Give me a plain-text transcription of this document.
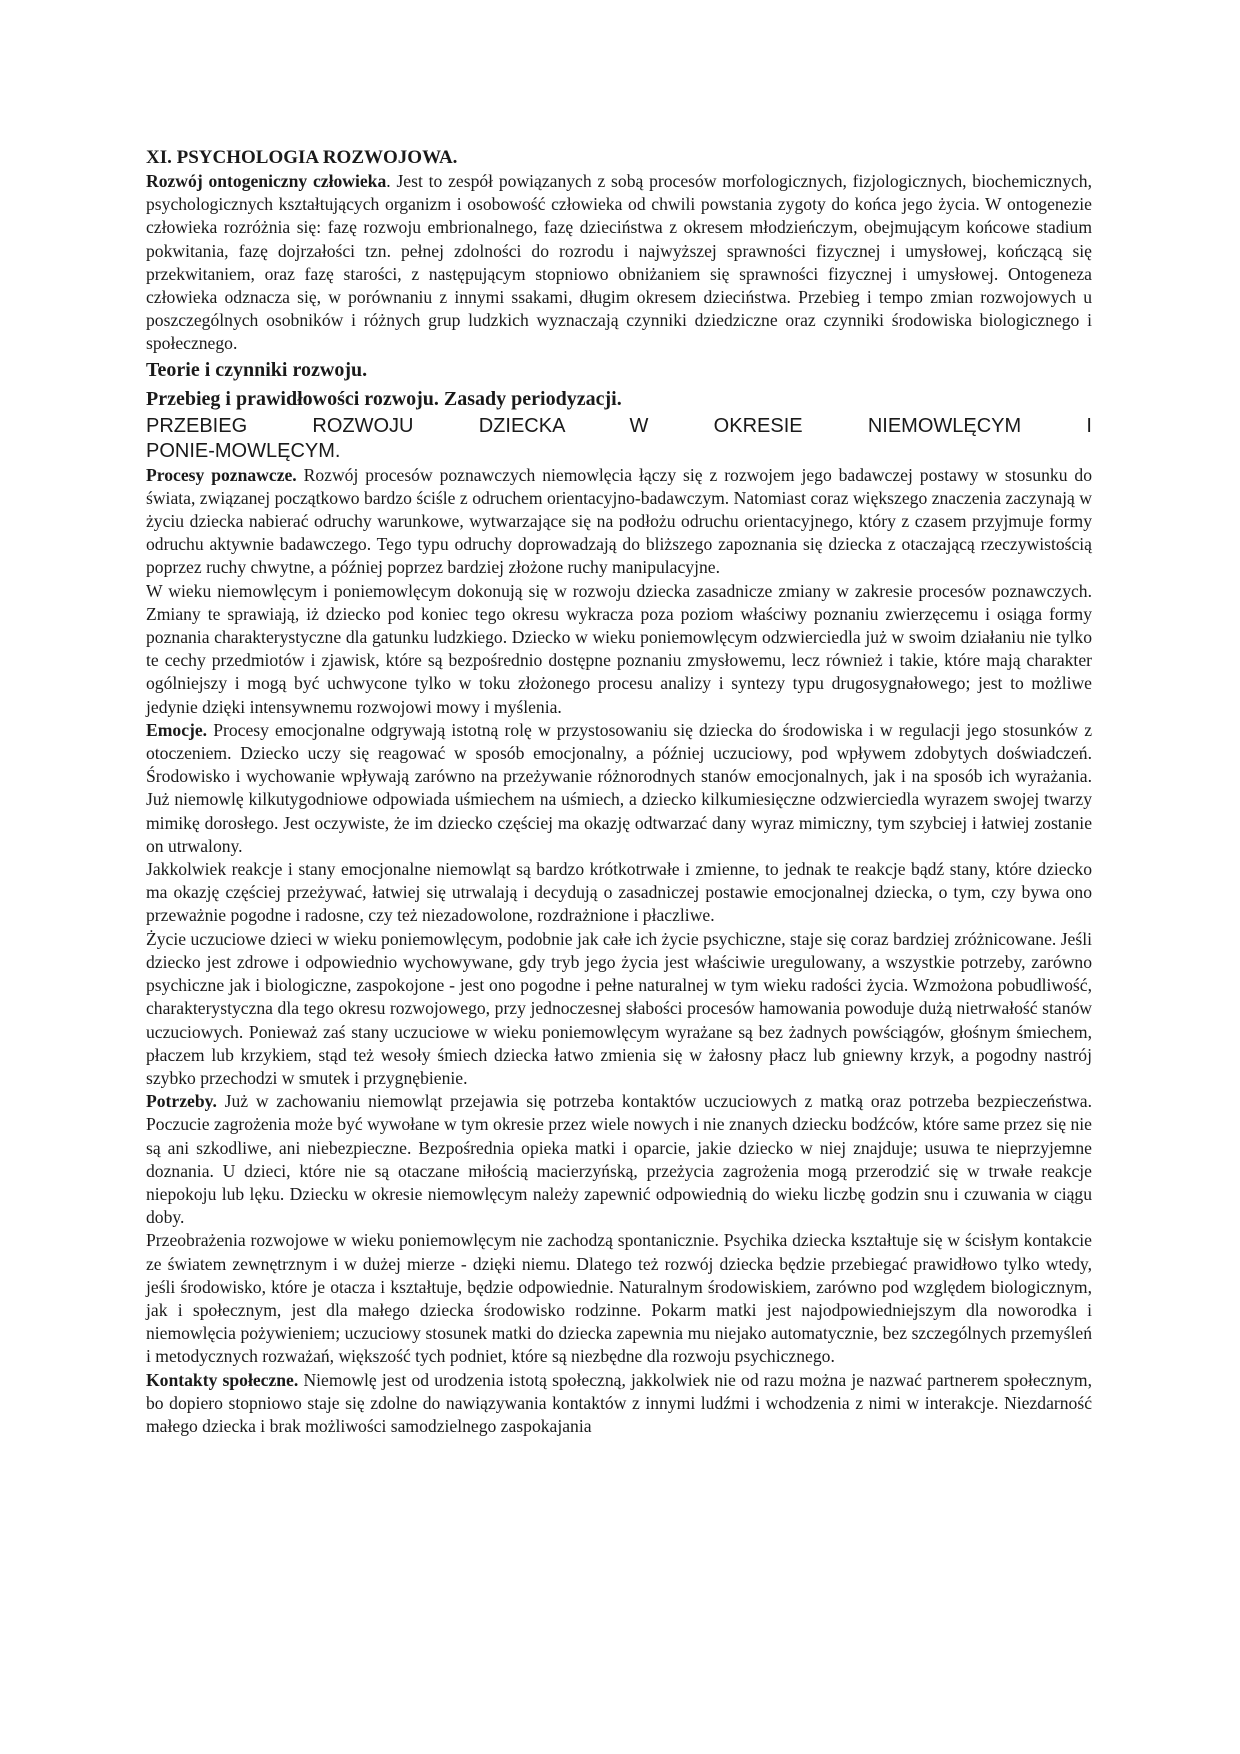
XI. PSYCHOLOGIA ROZWOJOWA.

Rozwój ontogeniczny człowieka. Jest to zespół powiązanych z sobą procesów morfologicznych, fizjologicznych, biochemicznych, psychologicznych kształtujących organizm i osobowość człowieka od chwili powstania zygoty do końca jego życia. W ontogenezie człowieka rozróżnia się: fazę rozwoju embrionalnego, fazę dzieciństwa z okresem młodzieńczym, obejmującym końcowe stadium pokwitania, fazę dojrzałości tzn. pełnej zdolności do rozrodu i najwyższej sprawności fizycznej i umysłowej, kończącą się przekwitaniem, oraz fazę starości, z następującym stopniowo obniżaniem się sprawności fizycznej i umysłowej. Ontogeneza człowieka odznacza się, w porównaniu z innymi ssakami, długim okresem dzieciństwa. Przebieg i tempo zmian rozwojowych u poszczególnych osobników i różnych grup ludzkich wyznaczają czynniki dziedziczne oraz czynniki środowiska biologicznego i społecznego.

Teorie i czynniki rozwoju.
Przebieg i prawidłowości rozwoju. Zasady periodyzacji.
PRZEBIEG ROZWOJU DZIECKA W OKRESIE NIEMOWLĘCYM I
PONIE-MOWLĘCYM.

Procesy poznawcze. Rozwój procesów poznawczych niemowlęcia łączy się z rozwojem jego badawczej postawy w stosunku do świata, związanej początkowo bardzo ściśle z odruchem orientacyjno-badawczym. Natomiast coraz większego znaczenia zaczynają w życiu dziecka nabierać odruchy warunkowe, wytwarzające się na podłożu odruchu orientacyjnego, który z czasem przyjmuje formy odruchu aktywnie badawczego. Tego typu odruchy doprowadzają do bliższego zapoznania się dziecka z otaczającą rzeczywistością poprzez ruchy chwytne, a później poprzez bardziej złożone ruchy manipulacyjne.

W wieku niemowlęcym i poniemowlęcym dokonują się w rozwoju dziecka zasadnicze zmiany w zakresie procesów poznawczych. Zmiany te sprawiają, iż dziecko pod koniec tego okresu wykracza poza poziom właściwy poznaniu zwierzęcemu i osiąga formy poznania charakterystyczne dla gatunku ludzkiego. Dziecko w wieku poniemowlęcym odzwierciedla już w swoim działaniu nie tylko te cechy przedmiotów i zjawisk, które są bezpośrednio dostępne poznaniu zmysłowemu, lecz również i takie, które mają charakter ogólniejszy i mogą być uchwycone tylko w toku złożonego procesu analizy i syntezy typu drugosygnałowego; jest to możliwe jedynie dzięki intensywnemu rozwojowi mowy i myślenia.

Emocje. Procesy emocjonalne odgrywają istotną rolę w przystosowaniu się dziecka do środowiska i w regulacji jego stosunków z otoczeniem. Dziecko uczy się reagować w sposób emocjonalny, a później uczuciowy, pod wpływem zdobytych doświadczeń. Środowisko i wychowanie wpływają zarówno na przeżywanie różnorodnych stanów emocjonalnych, jak i na sposób ich wyrażania. Już niemowlę kilkutygodniowe odpowiada uśmiechem na uśmiech, a dziecko kilkumiesięczne odzwierciedla wyrazem swojej twarzy mimikę dorosłego. Jest oczywiste, że im dziecko częściej ma okazję odtwarzać dany wyraz mimiczny, tym szybciej i łatwiej zostanie on utrwalony.

Jakkolwiek reakcje i stany emocjonalne niemowląt są bardzo krótkotrwałe i zmienne, to jednak te reakcje bądź stany, które dziecko ma okazję częściej przeżywać, łatwiej się utrwalają i decydują o zasadniczej postawie emocjonalnej dziecka, o tym, czy bywa ono przeważnie pogodne i radosne, czy też niezadowolone, rozdrażnione i płaczliwe.

Życie uczuciowe dzieci w wieku poniemowlęcym, podobnie jak całe ich życie psychiczne, staje się coraz bardziej zróżnicowane. Jeśli dziecko jest zdrowe i odpowiednio wychowywane, gdy tryb jego życia jest właściwie uregulowany, a wszystkie potrzeby, zarówno psychiczne jak i biologiczne, zaspokojone - jest ono pogodne i pełne naturalnej w tym wieku radości życia. Wzmożona pobudliwość, charakterystyczna dla tego okresu rozwojowego, przy jednoczesnej słabości procesów hamowania powoduje dużą nietrwałość stanów uczuciowych. Ponieważ zaś stany uczuciowe w wieku poniemowlęcym wyrażane są bez żadnych powściągów, głośnym śmiechem, płaczem lub krzykiem, stąd też wesoły śmiech dziecka łatwo zmienia się w żałosny płacz lub gniewny krzyk, a pogodny nastrój szybko przechodzi w smutek i przygnębienie.

Potrzeby. Już w zachowaniu niemowląt przejawia się potrzeba kontaktów uczuciowych z matką oraz potrzeba bezpieczeństwa. Poczucie zagrożenia może być wywołane w tym okresie przez wiele nowych i nie znanych dziecku bodźców, które same przez się nie są ani szkodliwe, ani niebezpieczne. Bezpośrednia opieka matki i oparcie, jakie dziecko w niej znajduje; usuwa te nieprzyjemne doznania. U dzieci, które nie są otaczane miłością macierzyńską, przeżycia zagrożenia mogą przerodzić się w trwałe reakcje niepokoju lub lęku. Dziecku w okresie niemowlęcym należy zapewnić odpowiednią do wieku liczbę godzin snu i czuwania w ciągu doby.

Przeobrażenia rozwojowe w wieku poniemowlęcym nie zachodzą spontanicznie. Psychika dziecka kształtuje się w ścisłym kontakcie ze światem zewnętrznym i w dużej mierze - dzięki niemu. Dlatego też rozwój dziecka będzie przebiegać prawidłowo tylko wtedy, jeśli środowisko, które je otacza i kształtuje, będzie odpowiednie. Naturalnym środowiskiem, zarówno pod względem biologicznym, jak i społecznym, jest dla małego dziecka środowisko rodzinne. Pokarm matki jest najodpowiedniejszym dla noworodka i niemowlęcia pożywieniem; uczuciowy stosunek matki do dziecka zapewnia mu niejako automatycznie, bez szczególnych przemyśleń i metodycznych rozważań, większość tych podniet, które są niezbędne dla rozwoju psychicznego.

Kontakty społeczne. Niemowlę jest od urodzenia istotą społeczną, jakkolwiek nie od razu można je nazwać partnerem społecznym, bo dopiero stopniowo staje się zdolne do nawiązywania kontaktów z innymi ludźmi i wchodzenia z nimi w interakcje. Niezdarność małego dziecka i brak możliwości samodzielnego zaspokajania
